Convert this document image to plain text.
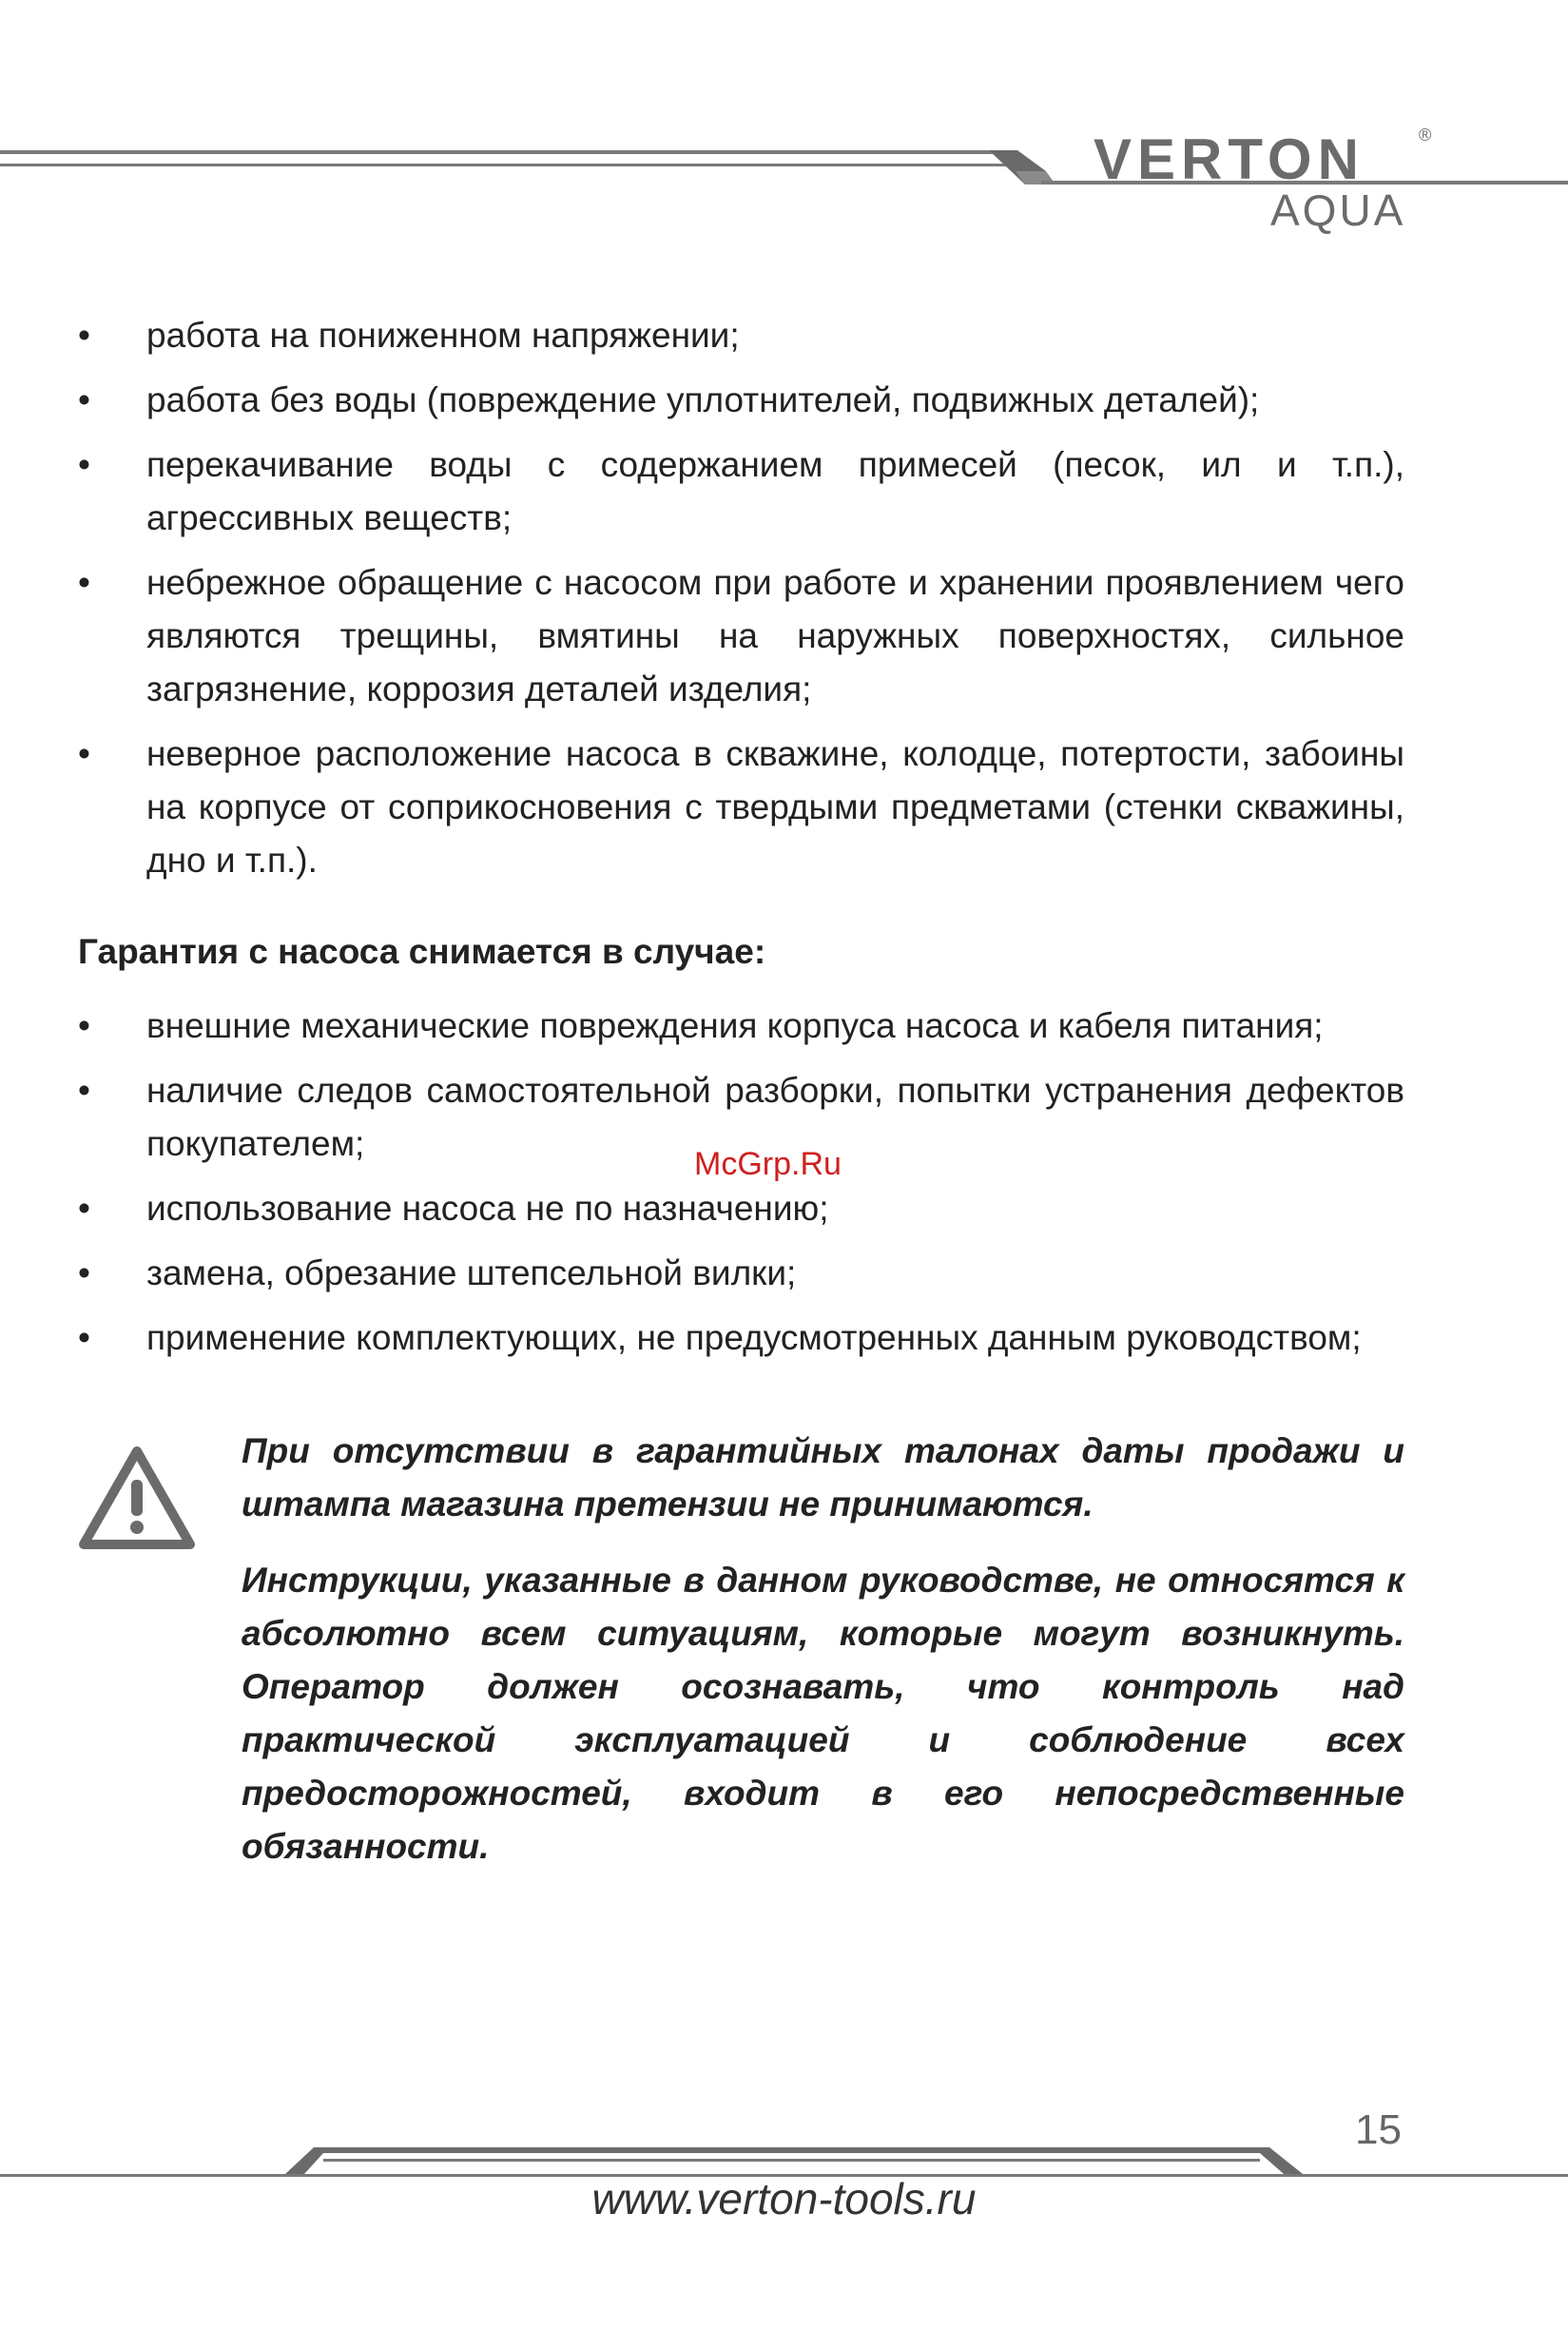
VERTON	®
AQUA
• работа на пониженном напряжении;
• работа без воды (повреждение уплотнителей, подвижных деталей);
• перекачивание воды с содержанием примесей (песок, ил и т.п.), агрессивных веществ;
• небрежное обращение с насосом при работе и хранении проявлением чего являются трещины, вмятины на наружных поверхностях, сильное загрязнение, коррозия деталей изделия;
• неверное расположение насоса в скважине, колодце, потертости, забоины на корпусе от соприкосновения с твердыми предметами (стенки скважины, дно и т.п.).
Гарантия с насоса снимается в случае:
• внешние механические повреждения корпуса насоса и кабеля питания;
• наличие следов самостоятельной разборки, попытки устранения дефектов покупателем;
• использование насоса не по назначению;
• замена, обрезание штепсельной вилки;
• применение комплектующих, не предусмотренных данным руководством;
McGrp.Ru

При отсутствии в гарантийных талонах даты продажи и штампа магазина претензии не принимаются.

Инструкции, указанные в данном руководстве, не относятся к абсолютно всем ситуациям, которые могут возникнуть. Оператор должен осознавать, что контроль над практической эксплуатацией и соблюдение всех предосторожностей, входит в его непосредственные обязанности.

15
www.verton-tools.ru
